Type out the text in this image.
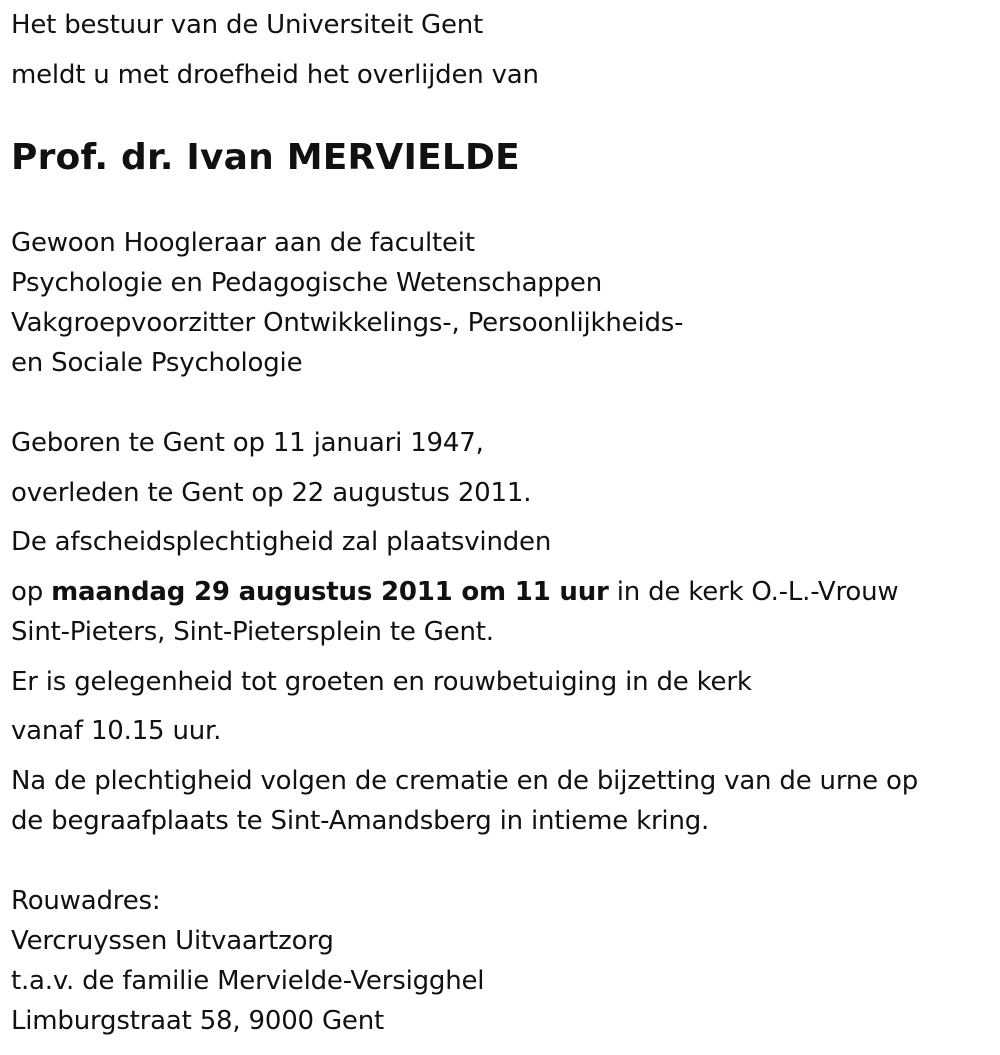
Het bestuur van de Universiteit Gent
meldt u met droefheid het overlijden van
Prof. dr. Ivan MERVIELDE
Gewoon Hoogleraar aan de faculteit
Psychologie en Pedagogische Wetenschappen
Vakgroepvoorzitter Ontwikkelings-, Persoonlijkheids-
en Sociale Psychologie
Geboren te Gent op 11 januari 1947,
overleden te Gent op 22 augustus 2011.
De afscheidsplechtigheid zal plaatsvinden
op maandag 29 augustus 2011 om 11 uur in de kerk O.-L.-Vrouw
Sint-Pieters, Sint-Pietersplein te Gent.
Er is gelegenheid tot groeten en rouwbetuiging in de kerk
vanaf 10.15 uur.
Na de plechtigheid volgen de crematie en de bijzetting van de urne op
de begraafplaats te Sint-Amandsberg in intieme kring.
Rouwadres:
Vercruyssen Uitvaartzorg
t.a.v. de familie Mervielde-Versigghel
Limburgstraat 58, 9000 Gent
